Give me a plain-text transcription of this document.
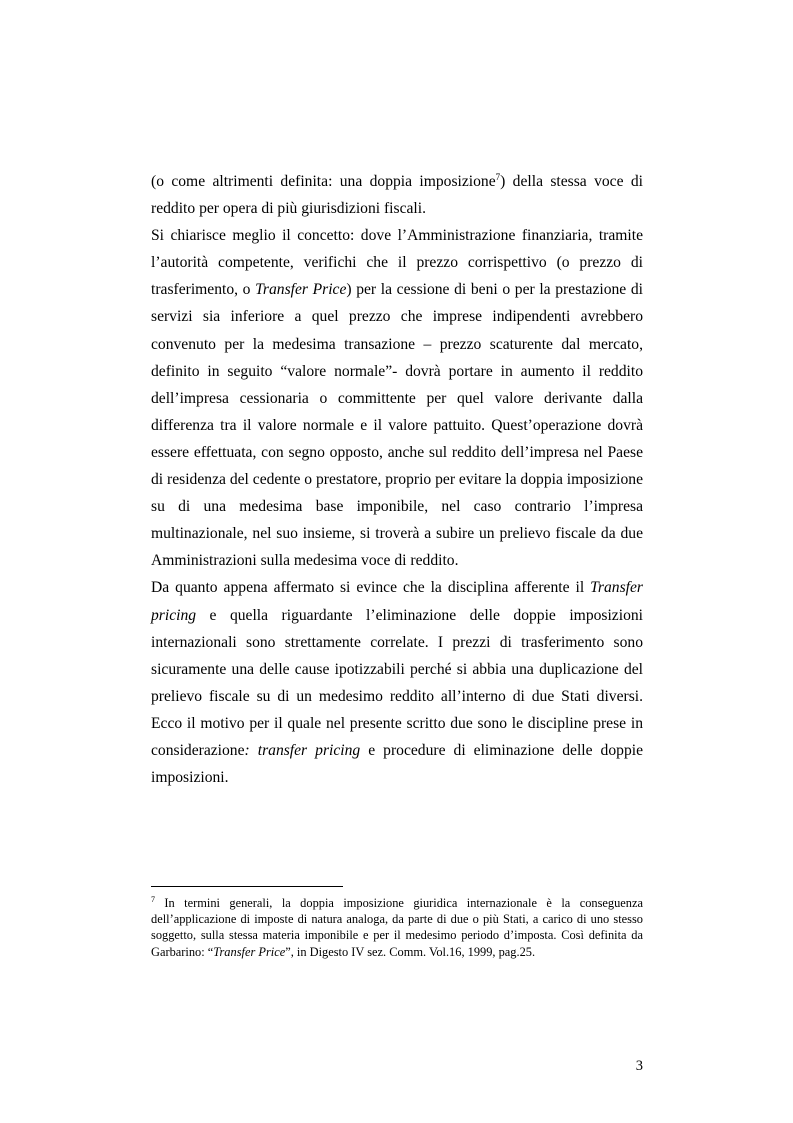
(o come altrimenti definita: una doppia imposizione$^7$) della stessa voce di reddito per opera di più giurisdizioni fiscali.

Si chiarisce meglio il concetto: dove l’Amministrazione finanziaria, tramite l’autorità competente, verifichi che il prezzo corrispettivo (o prezzo di trasferimento, o Transfer Price) per la cessione di beni o per la prestazione di servizi sia inferiore a quel prezzo che imprese indipendenti avrebbero convenuto per la medesima transazione – prezzo scaturente dal mercato, definito in seguito “valore normale”- dovrà portare in aumento il reddito dell’impresa cessionaria o committente per quel valore derivante dalla differenza tra il valore normale e il valore pattuito. Quest’operazione dovrà essere effettuata, con segno opposto, anche sul reddito dell’impresa nel Paese di residenza del cedente o prestatore, proprio per evitare la doppia imposizione su di una medesima base imponibile, nel caso contrario l’impresa multinazionale, nel suo insieme, si troverà a subire un prelievo fiscale da due Amministrazioni sulla medesima voce di reddito.

Da quanto appena affermato si evince che la disciplina afferente il Transfer pricing e quella riguardante l’eliminazione delle doppie imposizioni internazionali sono strettamente correlate. I prezzi di trasferimento sono sicuramente una delle cause ipotizzabili perché si abbia una duplicazione del prelievo fiscale su di un medesimo reddito all’interno di due Stati diversi. Ecco il motivo per il quale nel presente scritto due sono le discipline prese in considerazione: transfer pricing e procedure di eliminazione delle doppie imposizioni.

$^7$ In termini generali, la doppia imposizione giuridica internazionale è la conseguenza dell’applicazione di imposte di natura analoga, da parte di due o più Stati, a carico di uno stesso soggetto, sulla stessa materia imponibile e per il medesimo periodo d’imposta. Così definita da Garbarino: “Transfer Price”, in Digesto IV sez. Comm. Vol.16, 1999, pag.25.
3
